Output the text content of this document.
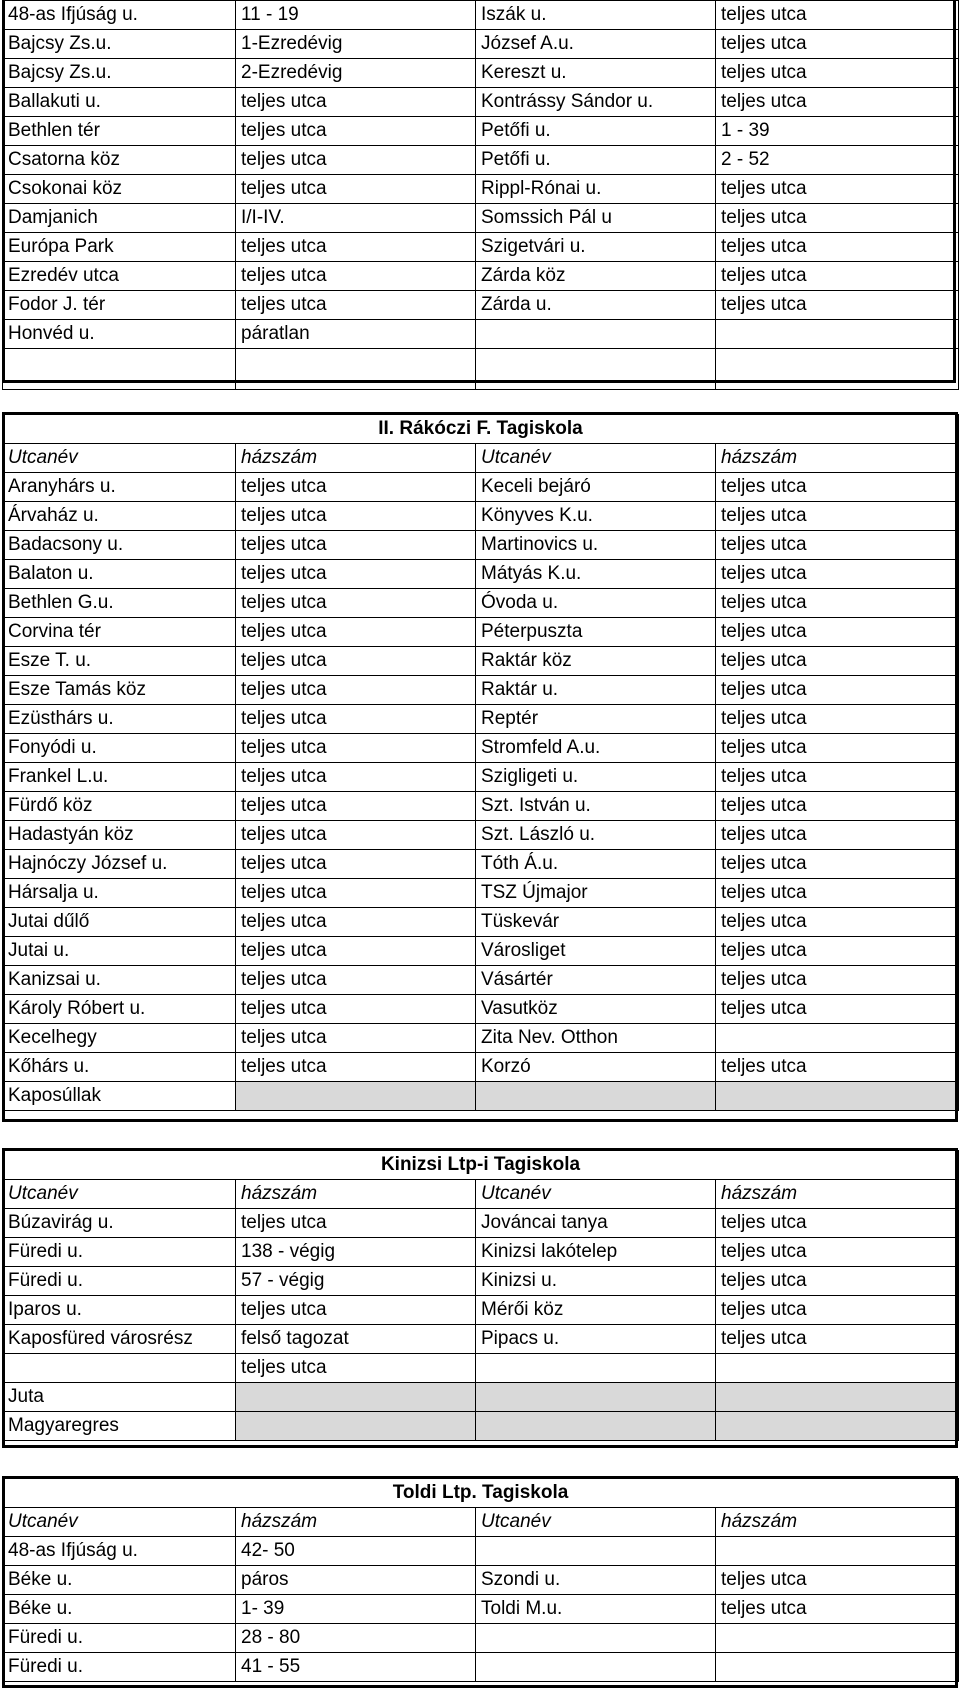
48-as Ifjúság u.	11 - 19	Iszák u.	teljes utca
Bajcsy Zs.u.	1-Ezredévig	József A.u.	teljes utca
Bajcsy Zs.u.	2-Ezredévig	Kereszt u.	teljes utca
Ballakuti u.	teljes utca	Kontrássy Sándor u.	teljes utca
Bethlen tér	teljes utca	Petőfi u.	1 - 39
Csatorna köz	teljes utca	Petőfi u.	2 - 52
Csokonai köz	teljes utca	Rippl-Rónai u.	teljes utca
Damjanich	I/I-IV.	Somssich Pál u	teljes utca
Európa Park	teljes utca	Szigetvári u.	teljes utca
Ezredév utca	teljes utca	Zárda köz	teljes utca
Fodor J. tér	teljes utca	Zárda u.	teljes utca
Honvéd u.	páratlan		

II. Rákóczi F. Tagiskola			
Utcanév	házszám	Utcanév	házszám
Aranyhárs u.	teljes utca	Keceli bejáró	teljes utca
Árvaház u.	teljes utca	Könyves K.u.	teljes utca
Badacsony u.	teljes utca	Martinovics u.	teljes utca
Balaton u.	teljes utca	Mátyás K.u.	teljes utca
Bethlen G.u.	teljes utca	Óvoda u.	teljes utca
Corvina tér	teljes utca	Péterpuszta	teljes utca
Esze T. u.	teljes utca	Raktár köz	teljes utca
Esze Tamás köz	teljes utca	Raktár u.	teljes utca
Ezüsthárs u.	teljes utca	Reptér	teljes utca
Fonyódi u.	teljes utca	Stromfeld A.u.	teljes utca
Frankel L.u.	teljes utca	Szigligeti u.	teljes utca
Fürdő köz	teljes utca	Szt. István u.	teljes utca
Hadastyán köz	teljes utca	Szt. László u.	teljes utca
Hajnóczy József u.	teljes utca	Tóth Á.u.	teljes utca
Hársalja u.	teljes utca	TSZ Újmajor	teljes utca
Jutai dűlő	teljes utca	Tüskevár	teljes utca
Jutai u.	teljes utca	Városliget	teljes utca
Kanizsai u.	teljes utca	Vásártér	teljes utca
Károly Róbert u.	teljes utca	Vasutköz	teljes utca
Kecelhegy	teljes utca	Zita Nev. Otthon	
Kőhárs u.	teljes utca	Korzó	teljes utca
Kaposúllak			
Kinizsi Ltp-i Tagiskola			
Utcanév	házszám	Utcanév	házszám
Búzavirág u.	teljes utca	Jováncai tanya	teljes utca
Füredi u.	138 - végig	Kinizsi lakótelep	teljes utca
Füredi u.	57 - végig	Kinizsi u.	teljes utca
Iparos u.	teljes utca	Mérői köz	teljes utca
Kaposfüred városrész	felső tagozat	Pipacs u.	teljes utca
	teljes utca		
Juta			
Magyaregres			
Toldi Ltp. Tagiskola			
Utcanév	házszám	Utcanév	házszám
48-as Ifjúság u.	42- 50		
Béke u.	páros	Szondi u.	teljes utca
Béke u.	1- 39	Toldi M.u.	teljes utca
Füredi u.	28 - 80		
Füredi u.	41 - 55		
